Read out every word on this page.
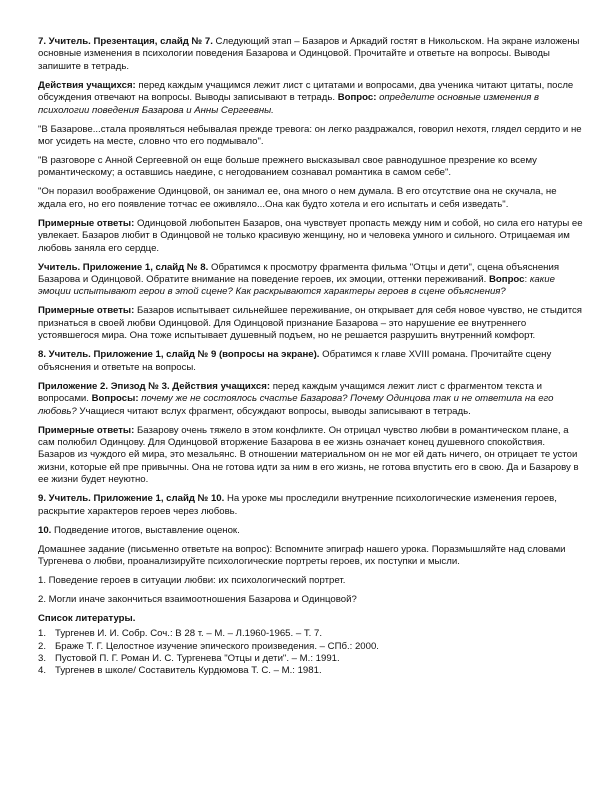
7. Учитель. Презентация, слайд № 7. Следующий этап – Базаров и Аркадий гостят в Никольском. На экране изложены основные изменения в психологии поведения Базарова и Одинцовой. Прочитайте и ответьте на вопросы. Выводы запишите в тетрадь.

Действия учащихся: перед каждым учащимся лежит лист с цитатами и вопросами, два ученика читают цитаты, после обсуждения отвечают на вопросы. Выводы записывают в тетрадь. Вопрос: определите основные изменения в психологии поведения Базарова и Анны Сергеевны.

"В Базарове...стала проявляться небывалая прежде тревога: он легко раздражался, говорил нехотя, глядел сердито и не мог усидеть на месте, словно что его подмывало".

"В разговоре с Анной Сергеевной он еще больше прежнего высказывал свое равнодушное презрение ко всему романтическому; а оставшись наедине, с негодованием сознавал романтика в самом себе".

"Он поразил воображение Одинцовой, он занимал ее, она много о нем думала. В его отсутствие она не скучала, не ждала его, но его появление тотчас ее оживляло...Она как будто хотела и его испытать и себя изведать".

Примерные ответы: Одинцовой любопытен Базаров, она чувствует пропасть между ним и собой, но сила его натуры ее увлекает. Базаров любит в Одинцовой не только красивую женщину, но и человека умного и сильного. Отрицаемая им любовь заняла его сердце.

Учитель. Приложение 1, слайд № 8. Обратимся к просмотру фрагмента фильма "Отцы и дети", сцена объяснения Базарова и Одинцовой. Обратите внимание на поведение героев, их эмоции, оттенки переживаний. Вопрос: какие эмоции испытывают герои в этой сцене? Как раскрываются характеры героев в сцене объяснения?

Примерные ответы: Базаров испытывает сильнейшее переживание, он открывает для себя новое чувство, не стыдится признаться в своей любви Одинцовой. Для Одинцовой признание Базарова – это нарушение ее внутреннего устоявшегося мира. Она тоже испытывает душевный подъем, но не решается разрушить внутренний комфорт.

8. Учитель. Приложение 1, слайд № 9 (вопросы на экране). Обратимся к главе XVIII романа. Прочитайте сцену объяснения и ответьте на вопросы.

Приложение 2. Эпизод № 3. Действия учащихся: перед каждым учащимся лежит лист с фрагментом текста и вопросами. Вопросы: почему же не состоялось счастье Базарова? Почему Одинцова так и не ответила на его любовь? Учащиеся читают вслух фрагмент, обсуждают вопросы, выводы записывают в тетрадь.

Примерные ответы: Базарову очень тяжело в этом конфликте. Он отрицал чувство любви в романтическом плане, а сам полюбил Одинцову. Для Одинцовой вторжение Базарова в ее жизнь означает конец душевного спокойствия. Базаров из чуждого ей мира, это мезальянс. В отношении материальном он не мог ей дать ничего, он отрицает те устои жизни, которые ей пре привычны. Она не готова идти за ним в его жизнь, не готова впустить его в свою. Да и Базарову в ее жизни будет неуютно.

9. Учитель. Приложение 1, слайд № 10. На уроке мы проследили внутренние психологические изменения героев, раскрытие характеров героев через любовь.

10. Подведение итогов, выставление оценок.

Домашнее задание (письменно ответьте на вопрос): Вспомните эпиграф нашего урока. Поразмышляйте над словами Тургенева о любви, проанализируйте психологические портреты героев, их поступки и мысли.

1. Поведение героев в ситуации любви: их психологический портрет.

2. Могли иначе закончиться взаимоотношения Базарова и Одинцовой?

Список литературы.

1. Тургенев И. И. Собр. Соч.: В 28 т. – М. – Л.1960-1965. – Т. 7.
2. Браже Т. Г. Целостное изучение эпического произведения. – СПб.: 2000.
3. Пустовой П. Г. Роман И. С. Тургенева "Отцы и дети". – М.: 1991.
4. Тургенев в школе/ Составитель Курдюмова Т. С. – М.: 1981.
